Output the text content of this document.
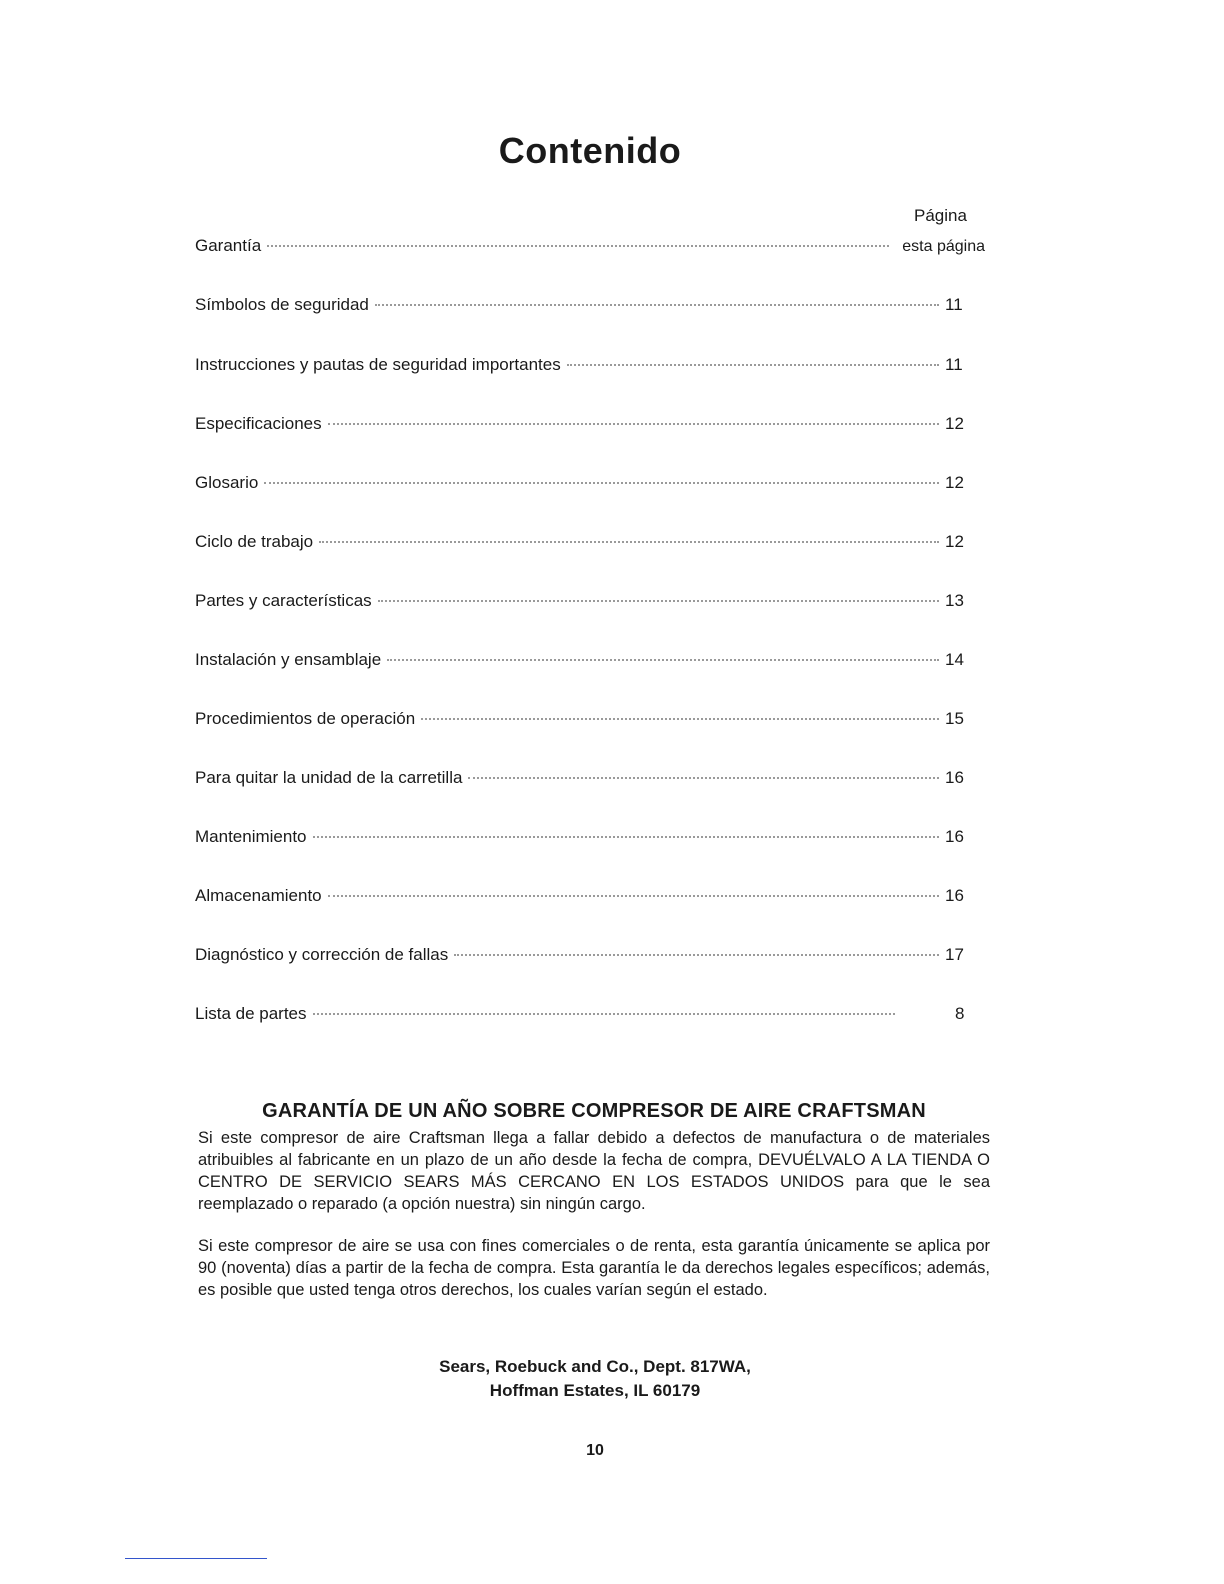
Contenido
Página
Garantía	esta página
Símbolos de seguridad	11
Instrucciones y pautas de seguridad importantes	11
Especificaciones	12
Glosario	12
Ciclo de trabajo	12
Partes y características	13
Instalación y ensamblaje	14
Procedimientos de operación	15
Para quitar la unidad de la carretilla	16
Mantenimiento	16
Almacenamiento	16
Diagnóstico y corrección de fallas	17
Lista de partes	8
GARANTÍA DE UN AÑO SOBRE COMPRESOR DE AIRE CRAFTSMAN

Si este compresor de aire Craftsman llega a fallar debido a defectos de manufactura o de materiales atribuibles al fabricante en un plazo de un año desde la fecha de compra, DEVUÉLVALO A LA TIENDA O CENTRO DE SERVICIO SEARS MÁS CERCANO EN LOS ESTADOS UNIDOS para que le sea reemplazado o reparado (a opción nuestra) sin ningún cargo.

Si este compresor de aire se usa con fines comerciales o de renta, esta garantía únicamente se aplica por 90 (noventa) días a partir de la fecha de compra. Esta garantía le da derechos legales específicos; además, es posible que usted tenga otros derechos, los cuales varían según el estado.

Sears, Roebuck and Co., Dept. 817WA,
Hoffman Estates, IL 60179
10
